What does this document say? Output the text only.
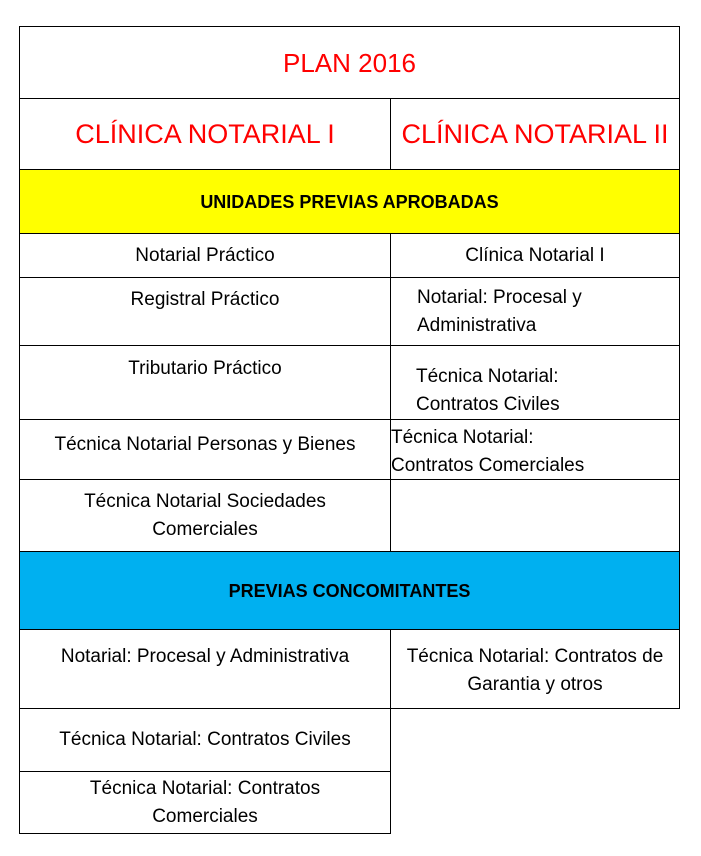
PLAN 2016
CLÍNICA NOTARIAL I CLÍNICA NOTARIAL II
UNIDADES PREVIAS APROBADAS
Notarial Práctico
Registral Práctico
Tributario Práctico
Técnica Notarial Personas y Bienes
Técnica Notarial Sociedades Comerciales
Clínica Notarial I
Notarial: Procesal y Administrativa
Técnica Notarial: Contratos Civiles
Técnica Notarial: Contratos Comerciales
PREVIAS CONCOMITANTES
Notarial: Procesal y Administrativa	Técnica Notarial: Contratos de Garantia y otros
Técnica Notarial: Contratos Civiles
Técnica Notarial: Contratos Comerciales
